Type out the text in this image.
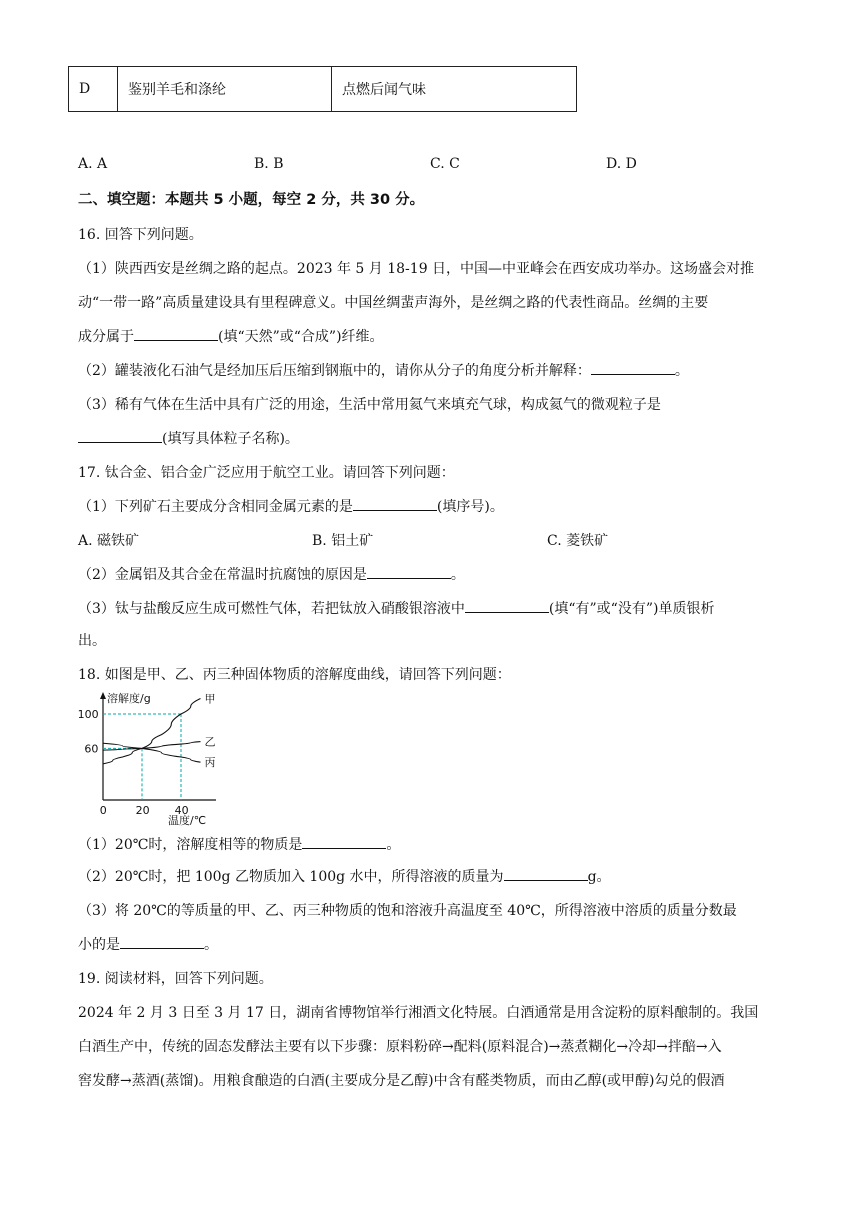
D	鉴别羊毛和涤纶	点燃后闻气味
A. A	B. B	C. C	D. D
二、填空题：本题共 5 小题，每空 2 分，共 30 分。
16. 回答下列问题。
（1）陕西西安是丝绸之路的起点。2023 年 5 月 18-19 日，中国—中亚峰会在西安成功举办。这场盛会对推
动“一带一路”高质量建设具有里程碑意义。中国丝绸蜚声海外，是丝绸之路的代表性商品。丝绸的主要
成分属于	(填“天然”或“合成”)纤维。
（2）罐装液化石油气是经加压后压缩到钢瓶中的，请你从分子的角度分析并解释：	。
（3）稀有气体在生活中具有广泛的用途，生活中常用氦气来填充气球，构成氦气的微观粒子是
(填写具体粒子名称)。
17. 钛合金、铝合金广泛应用于航空工业。请回答下列问题：
（1）下列矿石主要成分含相同金属元素的是	(填序号)。
A. 磁铁矿	B. 铝土矿	C. 菱铁矿
（2）金属铝及其合金在常温时抗腐蚀的原因是	。
（3）钛与盐酸反应生成可燃性气体，若把钛放入硝酸银溶液中	(填“有”或“没有”)单质银析
出。
18. 如图是甲、乙、丙三种固体物质的溶解度曲线，请回答下列问题：
甲
乙
丙
0	20 40
60
100
溶解度/g
温度/℃
（1）20℃时，溶解度相等的物质是	。
（2）20℃时，把 100g 乙物质加入 100g 水中，所得溶液的质量为	g。
（3）将 20℃的等质量的甲、乙、丙三种物质的饱和溶液升高温度至 40℃，所得溶液中溶质的质量分数最
小的是	。
19. 阅读材料，回答下列问题。
2024 年 2 月 3 日至 3 月 17 日，湖南省博物馆举行湘酒文化特展。白酒通常是用含淀粉的原料酿制的。我国
白酒生产中，传统的固态发酵法主要有以下步骤：原料粉碎→配料(原料混合)→蒸煮糊化→冷却→拌醅→入
窖发酵→蒸酒(蒸馏)。用粮食酿造的白酒(主要成分是乙醇)中含有醛类物质，而由乙醇(或甲醇)勾兑的假酒
